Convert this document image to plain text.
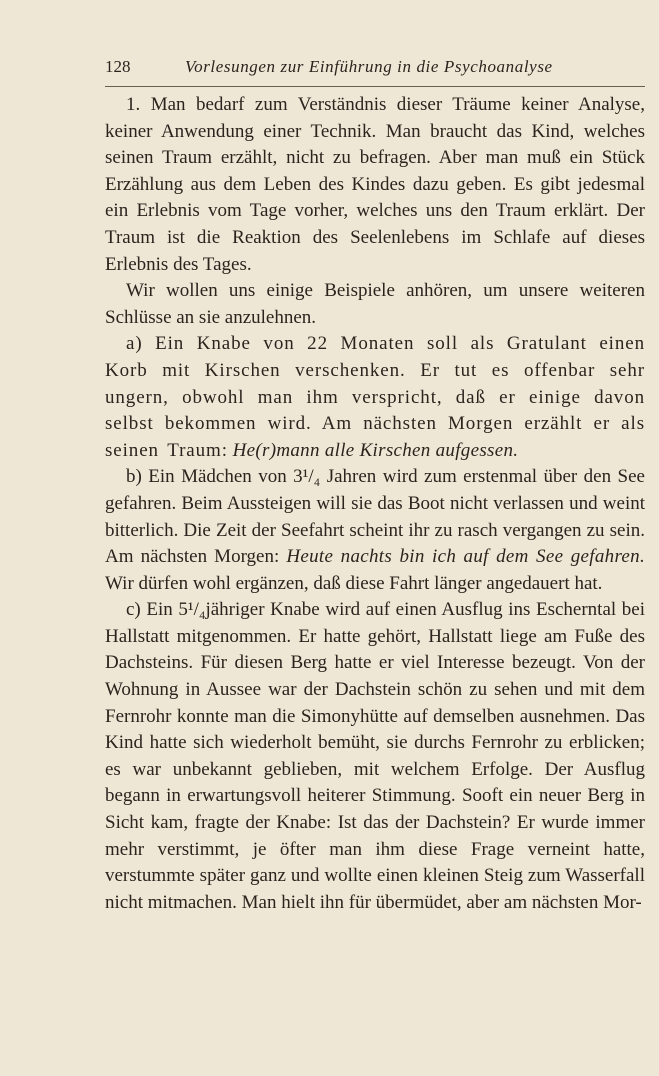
128	Vorlesungen zur Einführung in die Psychoanalyse

1. Man bedarf zum Verständnis dieser Träume keiner Analyse, keiner Anwendung einer Technik. Man braucht das Kind, welches seinen Traum erzählt, nicht zu befragen. Aber man muß ein Stück Erzählung aus dem Leben des Kindes dazu geben. Es gibt jedesmal ein Erlebnis vom Tage vorher, welches uns den Traum erklärt. Der Traum ist die Reaktion des Seelenlebens im Schlafe auf dieses Erlebnis des Tages.

Wir wollen uns einige Beispiele anhören, um unsere weiteren Schlüsse an sie anzulehnen.

a) Ein Knabe von 22 Monaten soll als Gratulant einen Korb mit Kirschen verschenken. Er tut es offenbar sehr ungern, obwohl man ihm verspricht, daß er einige davon selbst bekommen wird. Am nächsten Morgen erzählt er als seinen Traum: He(r)mann alle Kirschen aufgessen.

b) Ein Mädchen von 3¹/₄ Jahren wird zum erstenmal über den See gefahren. Beim Aussteigen will sie das Boot nicht verlassen und weint bitterlich. Die Zeit der Seefahrt scheint ihr zu rasch vergangen zu sein. Am nächsten Morgen: Heute nachts bin ich auf dem See gefahren. Wir dürfen wohl ergänzen, daß diese Fahrt länger angedauert hat.

c) Ein 5¹/₄jähriger Knabe wird auf einen Ausflug ins Escherntal bei Hallstatt mitgenommen. Er hatte gehört, Hallstatt liege am Fuße des Dachsteins. Für diesen Berg hatte er viel Interesse bezeugt. Von der Wohnung in Aussee war der Dachstein schön zu sehen und mit dem Fernrohr konnte man die Simonyhütte auf demselben ausnehmen. Das Kind hatte sich wiederholt bemüht, sie durchs Fernrohr zu erblicken; es war unbekannt geblieben, mit welchem Erfolge. Der Ausflug begann in erwartungsvoll heiterer Stimmung. Sooft ein neuer Berg in Sicht kam, fragte der Knabe: Ist das der Dachstein? Er wurde immer mehr verstimmt, je öfter man ihm diese Frage verneint hatte, verstummte später ganz und wollte einen kleinen Steig zum Wasserfall nicht mitmachen. Man hielt ihn für übermüdet, aber am nächsten Mor-
